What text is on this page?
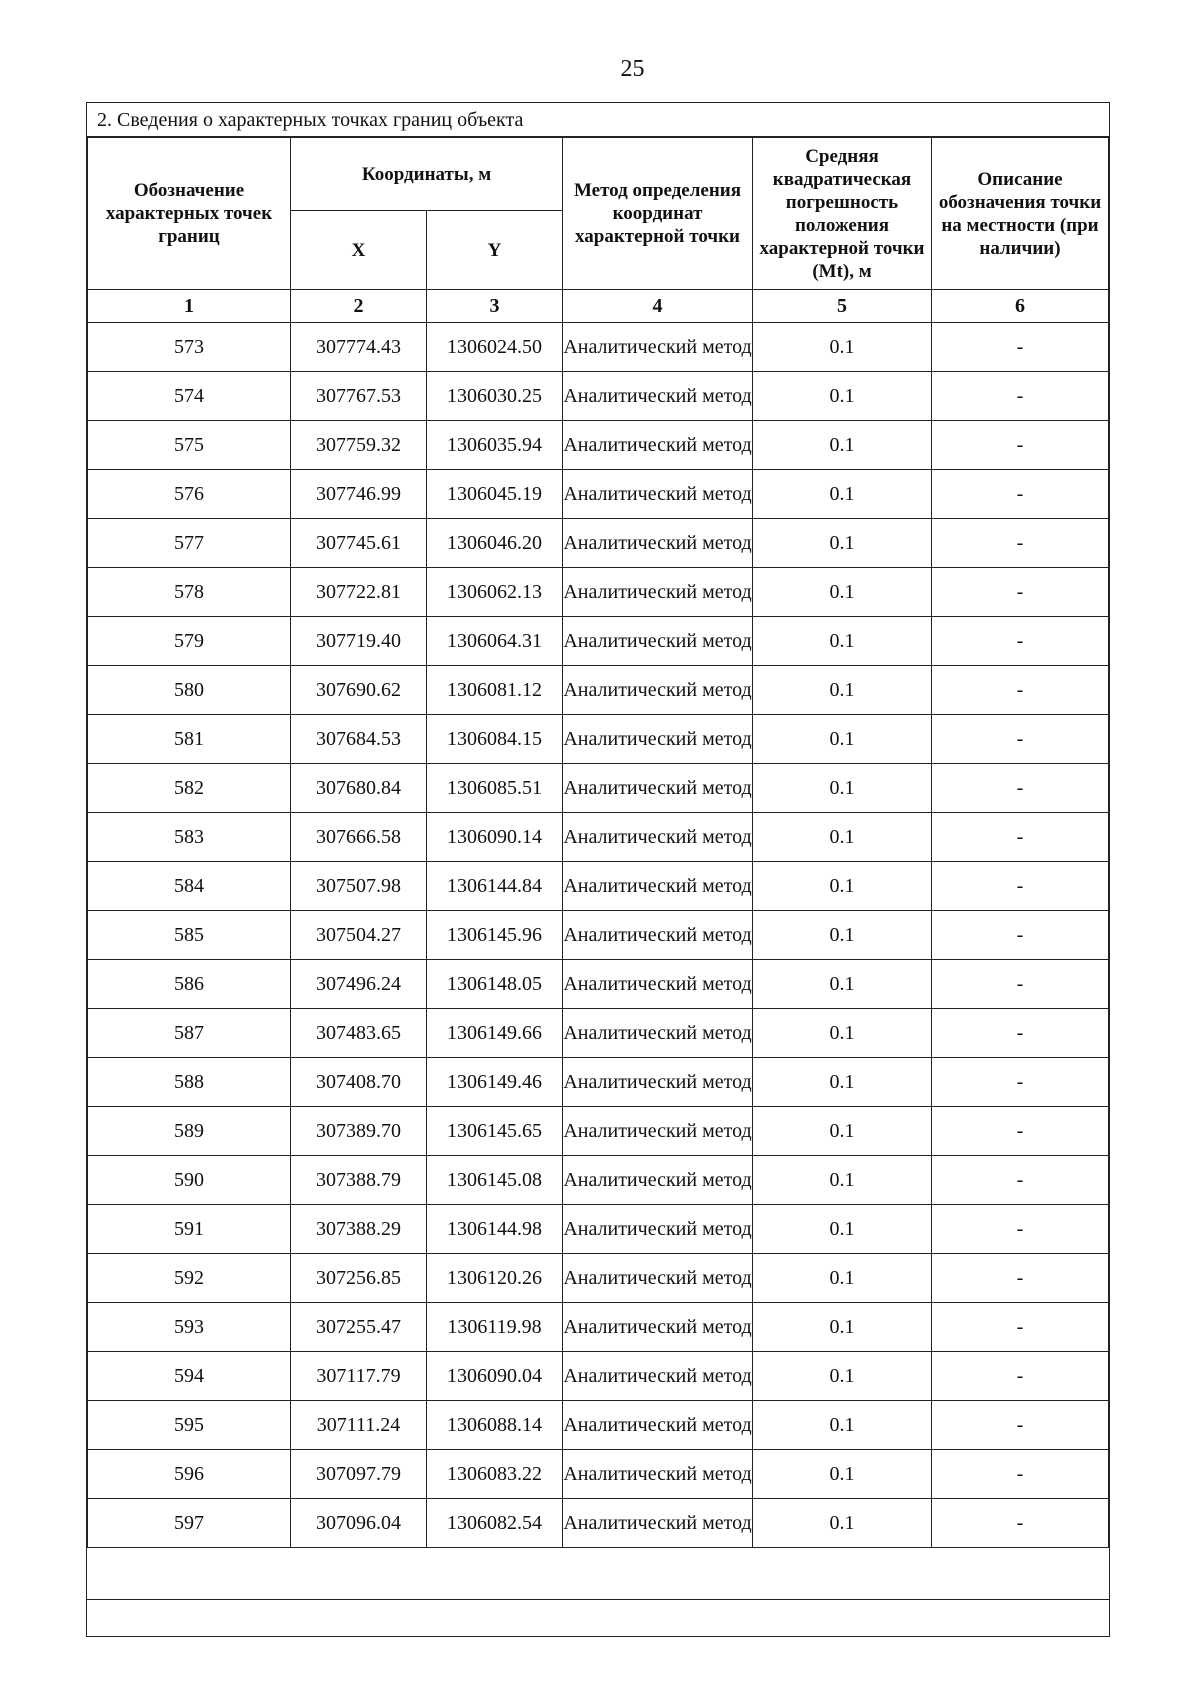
25
2. Сведения о характерных точках границ объекта
Обозначение характерных точек границ	Координаты, м		Метод определения координат характерной точки	Средняя квадратическая погрешность положения характерной точки (Mt), м	Описание обозначения точки на местности (при наличии)
	X	Y			
1	2	3	4	5	6
573	307774.43	1306024.50	Аналитический метод	0.1	-
574	307767.53	1306030.25	Аналитический метод	0.1	-
575	307759.32	1306035.94	Аналитический метод	0.1	-
576	307746.99	1306045.19	Аналитический метод	0.1	-
577	307745.61	1306046.20	Аналитический метод	0.1	-
578	307722.81	1306062.13	Аналитический метод	0.1	-
579	307719.40	1306064.31	Аналитический метод	0.1	-
580	307690.62	1306081.12	Аналитический метод	0.1	-
581	307684.53	1306084.15	Аналитический метод	0.1	-
582	307680.84	1306085.51	Аналитический метод	0.1	-
583	307666.58	1306090.14	Аналитический метод	0.1	-
584	307507.98	1306144.84	Аналитический метод	0.1	-
585	307504.27	1306145.96	Аналитический метод	0.1	-
586	307496.24	1306148.05	Аналитический метод	0.1	-
587	307483.65	1306149.66	Аналитический метод	0.1	-
588	307408.70	1306149.46	Аналитический метод	0.1	-
589	307389.70	1306145.65	Аналитический метод	0.1	-
590	307388.79	1306145.08	Аналитический метод	0.1	-
591	307388.29	1306144.98	Аналитический метод	0.1	-
592	307256.85	1306120.26	Аналитический метод	0.1	-
593	307255.47	1306119.98	Аналитический метод	0.1	-
594	307117.79	1306090.04	Аналитический метод	0.1	-
595	307111.24	1306088.14	Аналитический метод	0.1	-
596	307097.79	1306083.22	Аналитический метод	0.1	-
597	307096.04	1306082.54	Аналитический метод	0.1	-
